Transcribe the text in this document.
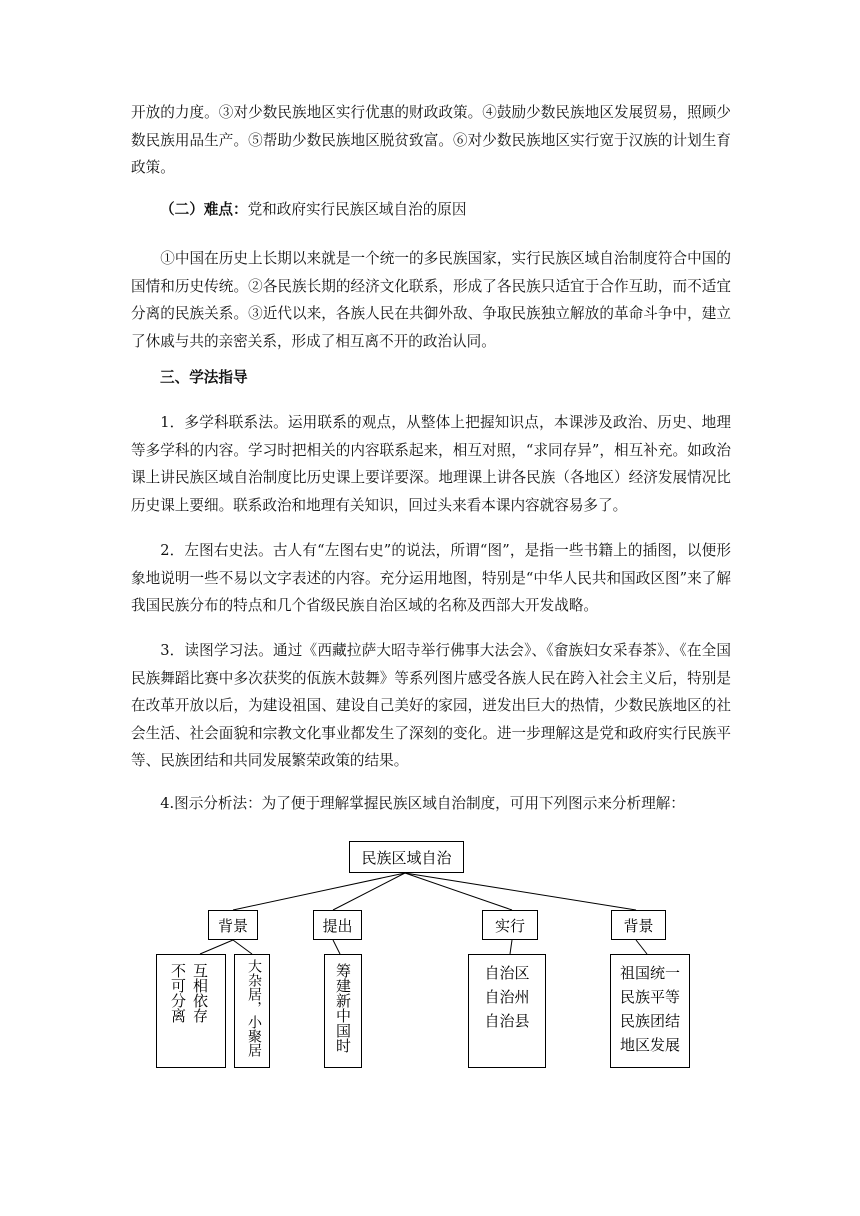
开放的力度。③对少数民族地区实行优惠的财政政策。④鼓励少数民族地区发展贸易，照顾少数民族用品生产。⑤帮助少数民族地区脱贫致富。⑥对少数民族地区实行宽于汉族的计划生育政策。

（二）难点：党和政府实行民族区域自治的原因

①中国在历史上长期以来就是一个统一的多民族国家，实行民族区域自治制度符合中国的国情和历史传统。②各民族长期的经济文化联系，形成了各民族只适宜于合作互助，而不适宜分离的民族关系。③近代以来，各族人民在共御外敌、争取民族独立解放的革命斗争中，建立了休戚与共的亲密关系，形成了相互离不开的政治认同。

三、学法指导

1．多学科联系法。运用联系的观点，从整体上把握知识点，本课涉及政治、历史、地理等多学科的内容。学习时把相关的内容联系起来，相互对照，“求同存异”，相互补充。如政治课上讲民族区域自治制度比历史课上要详要深。地理课上讲各民族（各地区）经济发展情况比历史课上要细。联系政治和地理有关知识，回过头来看本课内容就容易多了。

2．左图右史法。古人有“左图右史”的说法，所谓“图”，是指一些书籍上的插图，以便形象地说明一些不易以文字表述的内容。充分运用地图，特别是“中华人民共和国政区图”来了解我国民族分布的特点和几个省级民族自治区域的名称及西部大开发战略。

3．读图学习法。通过《西藏拉萨大昭寺举行佛事大法会》、《畲族妇女采春茶》、《在全国民族舞蹈比赛中多次获奖的佤族木鼓舞》等系列图片感受各族人民在跨入社会主义后，特别是在改革开放以后，为建设祖国、建设自己美好的家园，迸发出巨大的热情，少数民族地区的社会生活、社会面貌和宗教文化事业都发生了深刻的变化。进一步理解这是党和政府实行民族平等、民族团结和共同发展繁荣政策的结果。

4.图示分析法：为了便于理解掌握民族区域自治制度，可用下列图示来分析理解：

民族区域自治
背景	提出	实行	背景
互相依存
不可分离	大杂居，小聚居	筹建新中国时	自治区
自治州
自治县
祖国统一
民族平等
民族团结
地区发展
